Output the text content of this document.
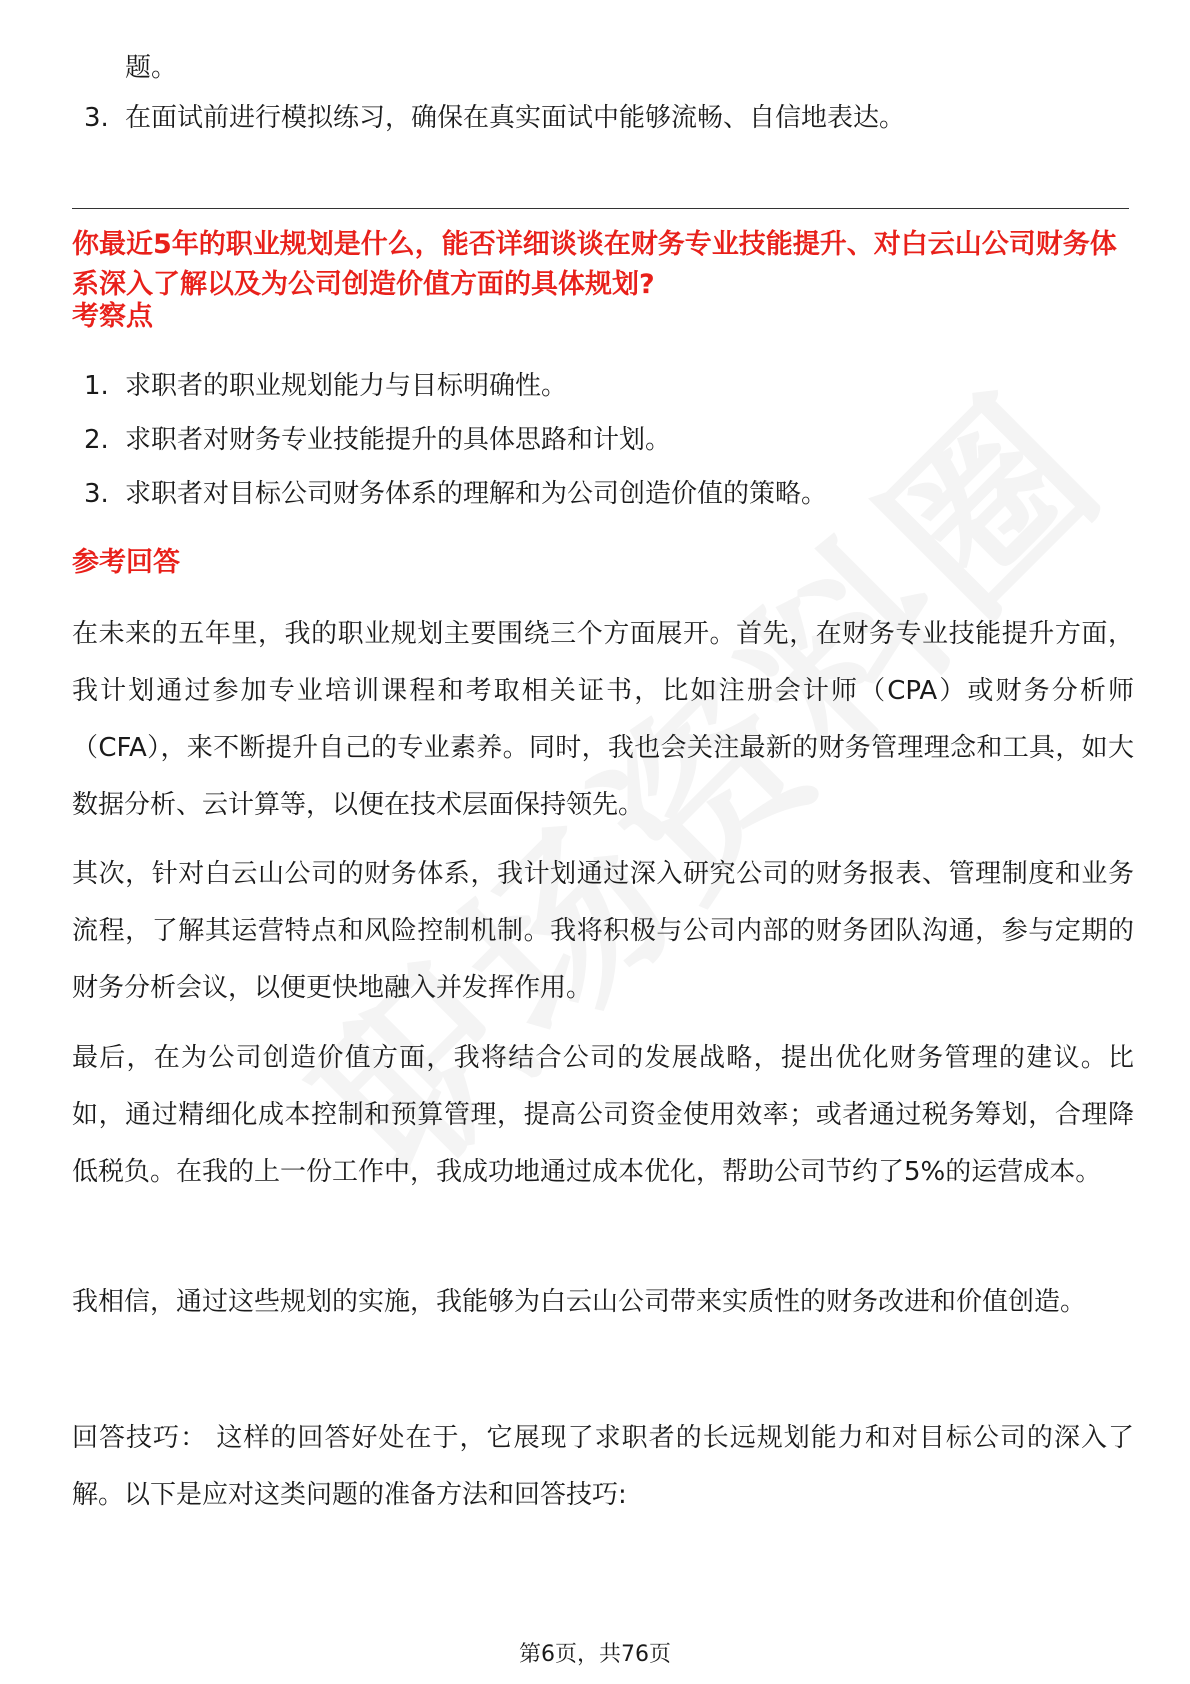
题。
3. 在面试前进行模拟练习，确保在真实面试中能够流畅、自信地表达。
你最近5年的职业规划是什么，能否详细谈谈在财务专业技能提升、对白云山公司财务体系深入了解以及为公司创造价值方面的具体规划?
考察点
1. 求职者的职业规划能力与目标明确性。
2. 求职者对财务专业技能提升的具体思路和计划。
3. 求职者对目标公司财务体系的理解和为公司创造价值的策略。
参考回答
在未来的五年里，我的职业规划主要围绕三个方面展开。首先，在财务专业技能提升方面，我计划通过参加专业培训课程和考取相关证书，比如注册会计师（CPA）或财务分析师（CFA），来不断提升自己的专业素养。同时，我也会关注最新的财务管理理念和工具，如大数据分析、云计算等，以便在技术层面保持领先。
其次，针对白云山公司的财务体系，我计划通过深入研究公司的财务报表、管理制度和业务流程，了解其运营特点和风险控制机制。我将积极与公司内部的财务团队沟通，参与定期的财务分析会议，以便更快地融入并发挥作用。
最后，在为公司创造价值方面，我将结合公司的发展战略，提出优化财务管理的建议。比如，通过精细化成本控制和预算管理，提高公司资金使用效率；或者通过税务筹划，合理降低税负。在我的上一份工作中，我成功地通过成本优化，帮助公司节约了5%的运营成本。
我相信，通过这些规划的实施，我能够为白云山公司带来实质性的财务改进和价值创造。
回答技巧： 这样的回答好处在于，它展现了求职者的长远规划能力和对目标公司的深入了解。以下是应对这类问题的准备方法和回答技巧:
第6页，共76页
